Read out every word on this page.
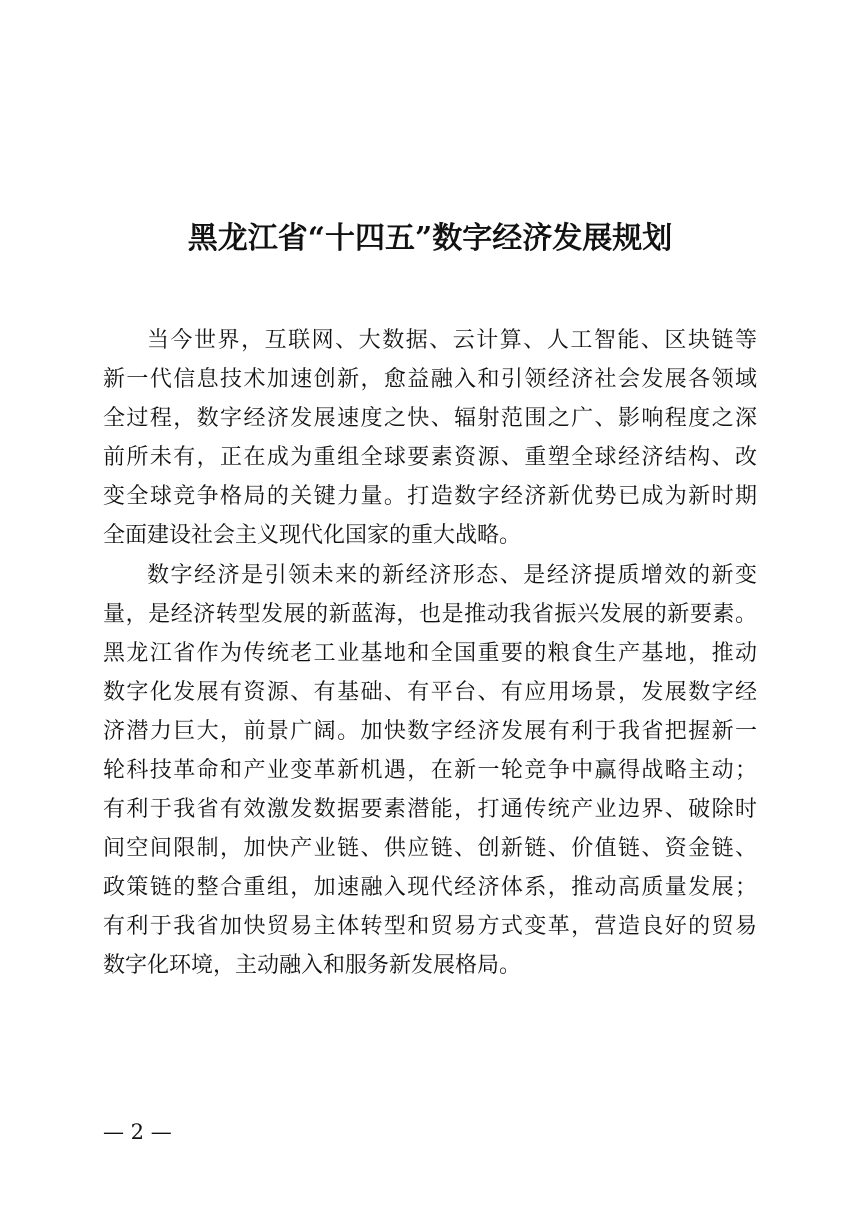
黑龙江省“十四五”数字经济发展规划
当今世界，互联网、大数据、云计算、人工智能、区块链等
新一代信息技术加速创新，愈益融入和引领经济社会发展各领域
全过程，数字经济发展速度之快、辐射范围之广、影响程度之深
前所未有，正在成为重组全球要素资源、重塑全球经济结构、改
变全球竞争格局的关键力量。打造数字经济新优势已成为新时期
全面建设社会主义现代化国家的重大战略。
数字经济是引领未来的新经济形态、是经济提质增效的新变
量，是经济转型发展的新蓝海，也是推动我省振兴发展的新要素。
黑龙江省作为传统老工业基地和全国重要的粮食生产基地，推动
数字化发展有资源、有基础、有平台、有应用场景，发展数字经
济潜力巨大，前景广阔。加快数字经济发展有利于我省把握新一
轮科技革命和产业变革新机遇，在新一轮竞争中赢得战略主动；
有利于我省有效激发数据要素潜能，打通传统产业边界、破除时
间空间限制，加快产业链、供应链、创新链、价值链、资金链、
政策链的整合重组，加速融入现代经济体系，推动高质量发展；
有利于我省加快贸易主体转型和贸易方式变革，营造良好的贸易
数字化环境，主动融入和服务新发展格局。
— 2 —
